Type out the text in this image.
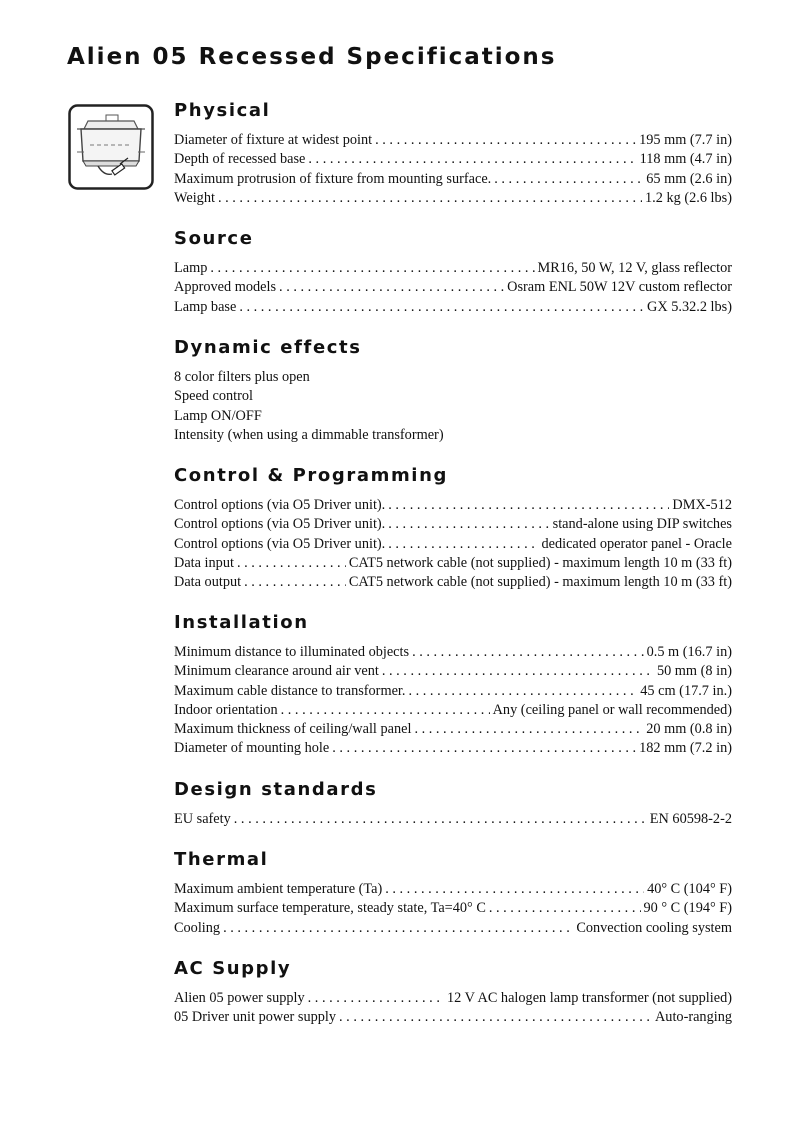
Alien 05 Recessed Specifications
Physical
Diameter of fixture at widest point . . .	195 mm (7.7 in)
Depth of recessed base . . .	118 mm (4.7 in)
Maximum protrusion of fixture from mounting surface. . . .	65 mm (2.6 in)
Weight . . .	1.2 kg (2.6 lbs)
Source
Lamp . . .	MR16, 50 W, 12 V, glass reflector
Approved models . . .	Osram ENL 50W 12V custom reflector
Lamp base . . .	GX 5.32.2 lbs)
Dynamic effects
8 color filters plus open
Speed control
Lamp ON/OFF
Intensity (when using a dimmable transformer)
Control & Programming
Control options (via O5 Driver unit). . . .	DMX-512
Control options (via O5 Driver unit). . . .	stand-alone using DIP switches
Control options (via O5 Driver unit). . . .	dedicated operator panel - Oracle
Data input . . .	CAT5 network cable (not supplied) - maximum length 10 m (33 ft)
Data output . . .	CAT5 network cable (not supplied) - maximum length 10 m (33 ft)
Installation
Minimum distance to illuminated objects . . .	0.5 m (16.7 in)
Minimum clearance around air vent . . .	50 mm (8 in)
Maximum cable distance to transformer. . . .	45 cm (17.7 in.)
Indoor orientation . . .	Any (ceiling panel or wall recommended)
Maximum thickness of ceiling/wall panel . . .	20 mm (0.8 in)
Diameter of mounting hole . . .	182 mm (7.2 in)
Design standards
EU safety . . .	EN 60598-2-2
Thermal
Maximum ambient temperature (Ta) . . .	40° C (104° F)
Maximum surface temperature, steady state, Ta=40° C . . .	90 ° C (194° F)
Cooling . . .	Convection cooling system
AC Supply
Alien 05 power supply . . .	12 V AC halogen lamp transformer (not supplied)
05 Driver unit power supply . . .	Auto-ranging
